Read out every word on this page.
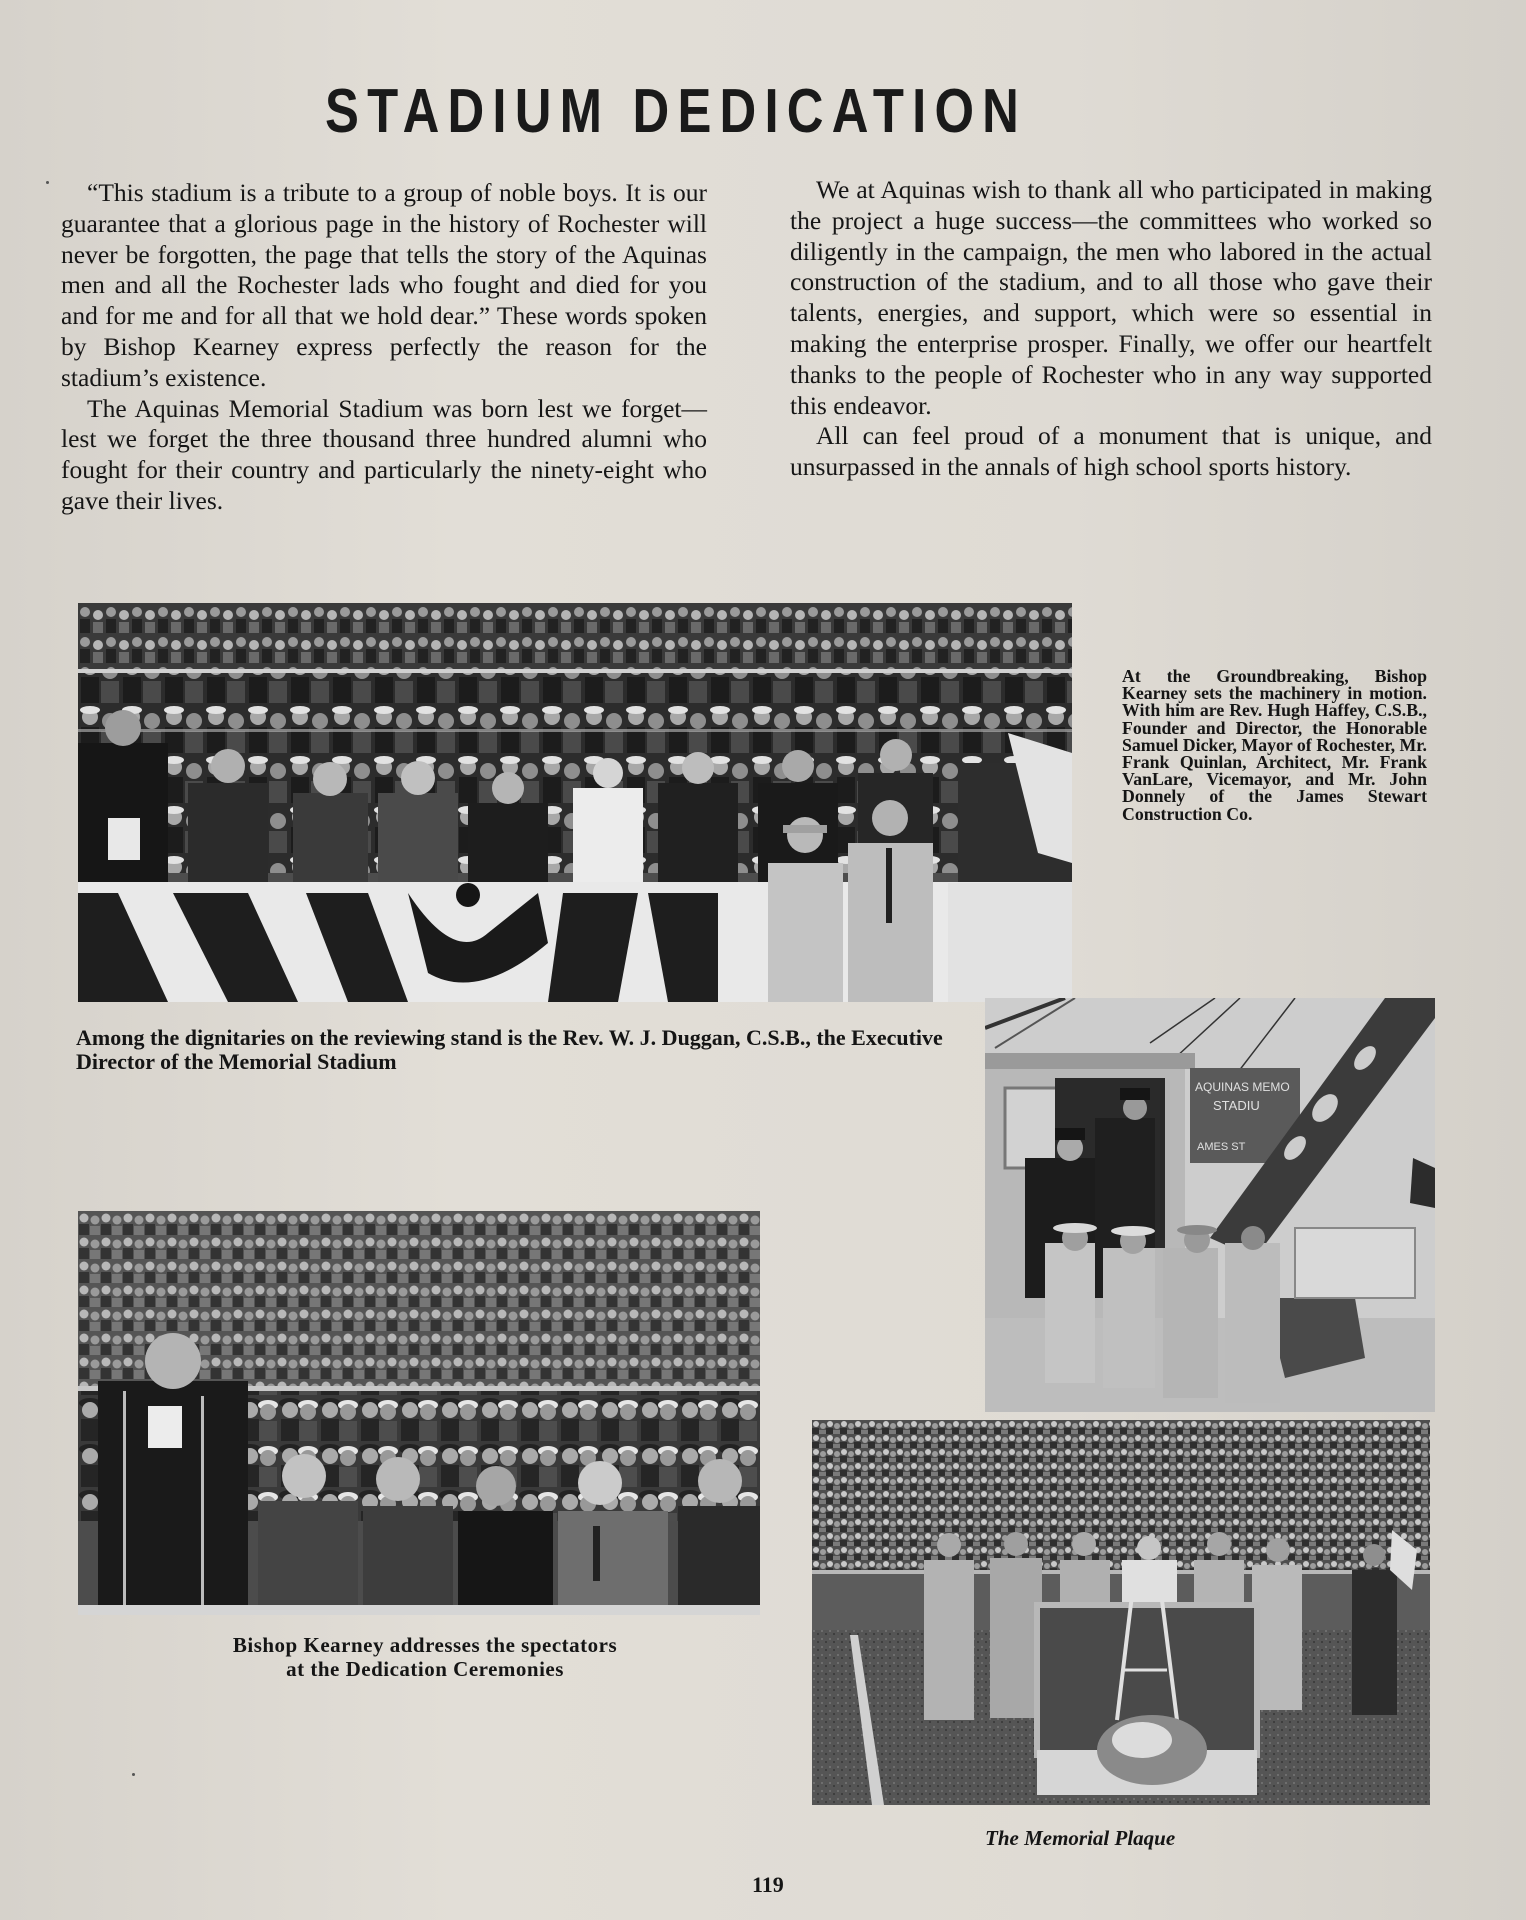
STADIUM DEDICATION

“This stadium is a tribute to a group of noble boys. It is our guarantee that a glorious page in the history of Rochester will never be forgotten, the page that tells the story of the Aquinas men and all the Rochester lads who fought and died for you and for me and for all that we hold dear.” These words spoken by Bishop Kearney express perfectly the reason for the stadium’s existence.

The Aquinas Memorial Stadium was born lest we forget—lest we forget the three thousand three hundred alumni who fought for their country and particularly the ninety-eight who gave their lives.

We at Aquinas wish to thank all who participated in making the project a huge success—the committees who worked so diligently in the campaign, the men who labored in the actual construction of the stadium, and to all those who gave their talents, energies, and support, which were so essential in making the enterprise prosper. Finally, we offer our heartfelt thanks to the people of Rochester who in any way supported this endeavor.

All can feel proud of a monument that is unique, and unsurpassed in the annals of high school sports history.

At the Groundbreaking, Bishop Kearney sets the machinery in motion. With him are Rev. Hugh Haffey, C.S.B., Founder and Director, the Honorable Samuel Dicker, Mayor of Rochester, Mr. Frank Quinlan, Architect, Mr. Frank VanLare, Vicemayor, and Mr. John Donnely of the James Stewart Construction Co.
Among the dignitaries on the reviewing stand is the Rev. W. J. Duggan, C.S.B., the Executive Director of the Memorial Stadium
AQUINAS MEMO
STADIU
AMES ST
Bishop Kearney addresses the spectators
at the Dedication Ceremonies
The Memorial Plaque
119
